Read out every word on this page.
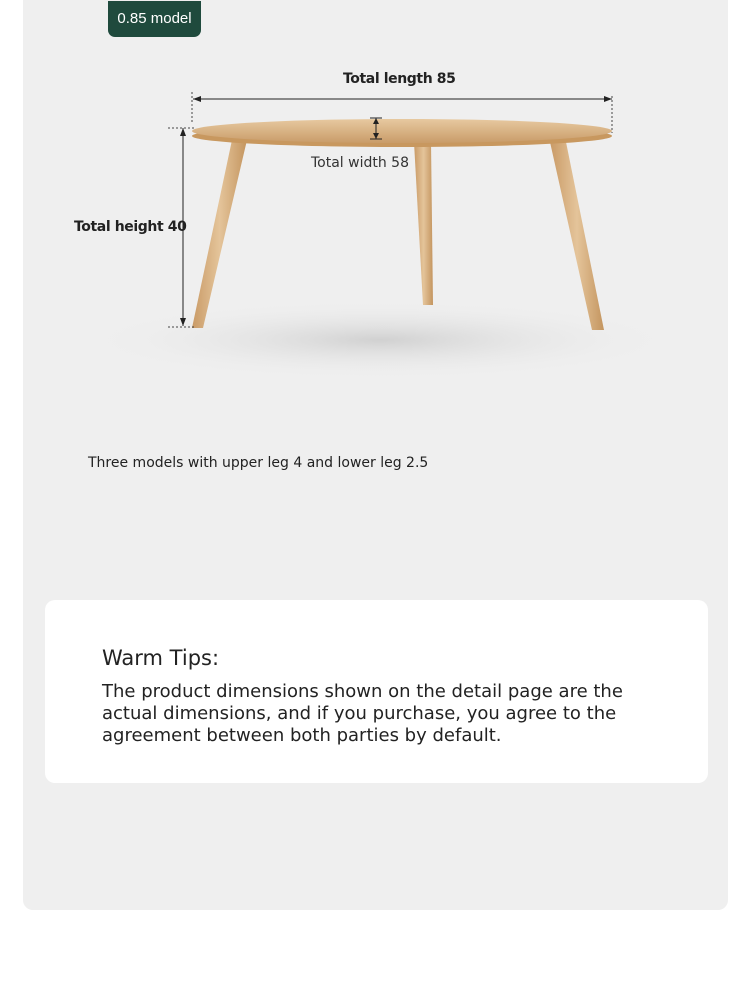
0.85 model
Total length 85
Total width 58
Total height 40
Three models with upper leg 4 and lower leg 2.5
Warm Tips:
The product dimensions shown on the detail page are the actual dimensions, and if you purchase, you agree to the agreement between both parties by default.
